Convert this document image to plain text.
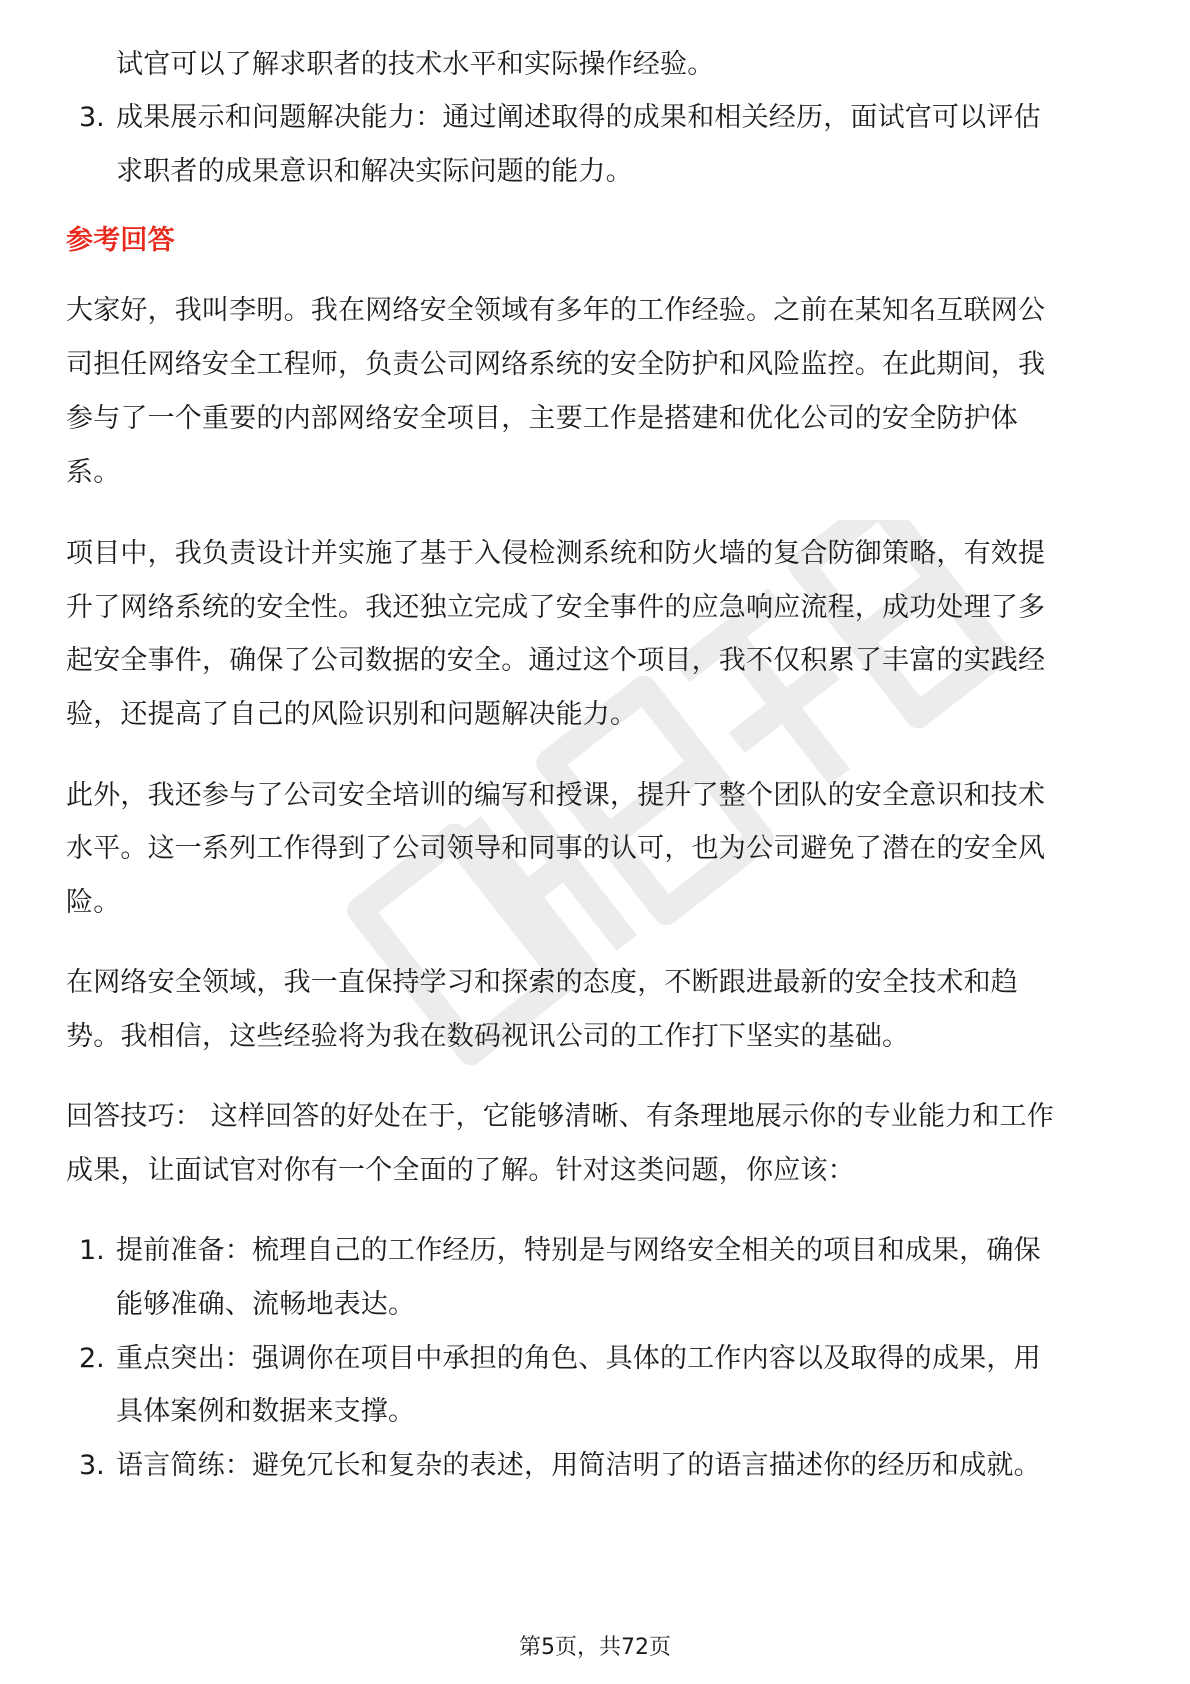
试官可以了解求职者的技术水平和实际操作经验。
3. 成果展示和问题解决能力：通过阐述取得的成果和相关经历，面试官可以评估
求职者的成果意识和解决实际问题的能力。
参考回答
大家好，我叫李明。我在网络安全领域有多年的工作经验。之前在某知名互联网公
司担任网络安全工程师，负责公司网络系统的安全防护和风险监控。在此期间，我
参与了一个重要的内部网络安全项目，主要工作是搭建和优化公司的安全防护体
系。
项目中，我负责设计并实施了基于入侵检测系统和防火墙的复合防御策略，有效提
升了网络系统的安全性。我还独立完成了安全事件的应急响应流程，成功处理了多
起安全事件，确保了公司数据的安全。通过这个项目，我不仅积累了丰富的实践经
验，还提高了自己的风险识别和问题解决能力。
此外，我还参与了公司安全培训的编写和授课，提升了整个团队的安全意识和技术
水平。这一系列工作得到了公司领导和同事的认可，也为公司避免了潜在的安全风
险。
在网络安全领域，我一直保持学习和探索的态度，不断跟进最新的安全技术和趋
势。我相信，这些经验将为我在数码视讯公司的工作打下坚实的基础。
回答技巧： 这样回答的好处在于，它能够清晰、有条理地展示你的专业能力和工作
成果，让面试官对你有一个全面的了解。针对这类问题，你应该：
1. 提前准备：梳理自己的工作经历，特别是与网络安全相关的项目和成果，确保
能够准确、流畅地表达。
2. 重点突出：强调你在项目中承担的角色、具体的工作内容以及取得的成果，用
具体案例和数据来支撑。
3. 语言简练：避免冗长和复杂的表述，用简洁明了的语言描述你的经历和成就。
第5页，共72页
